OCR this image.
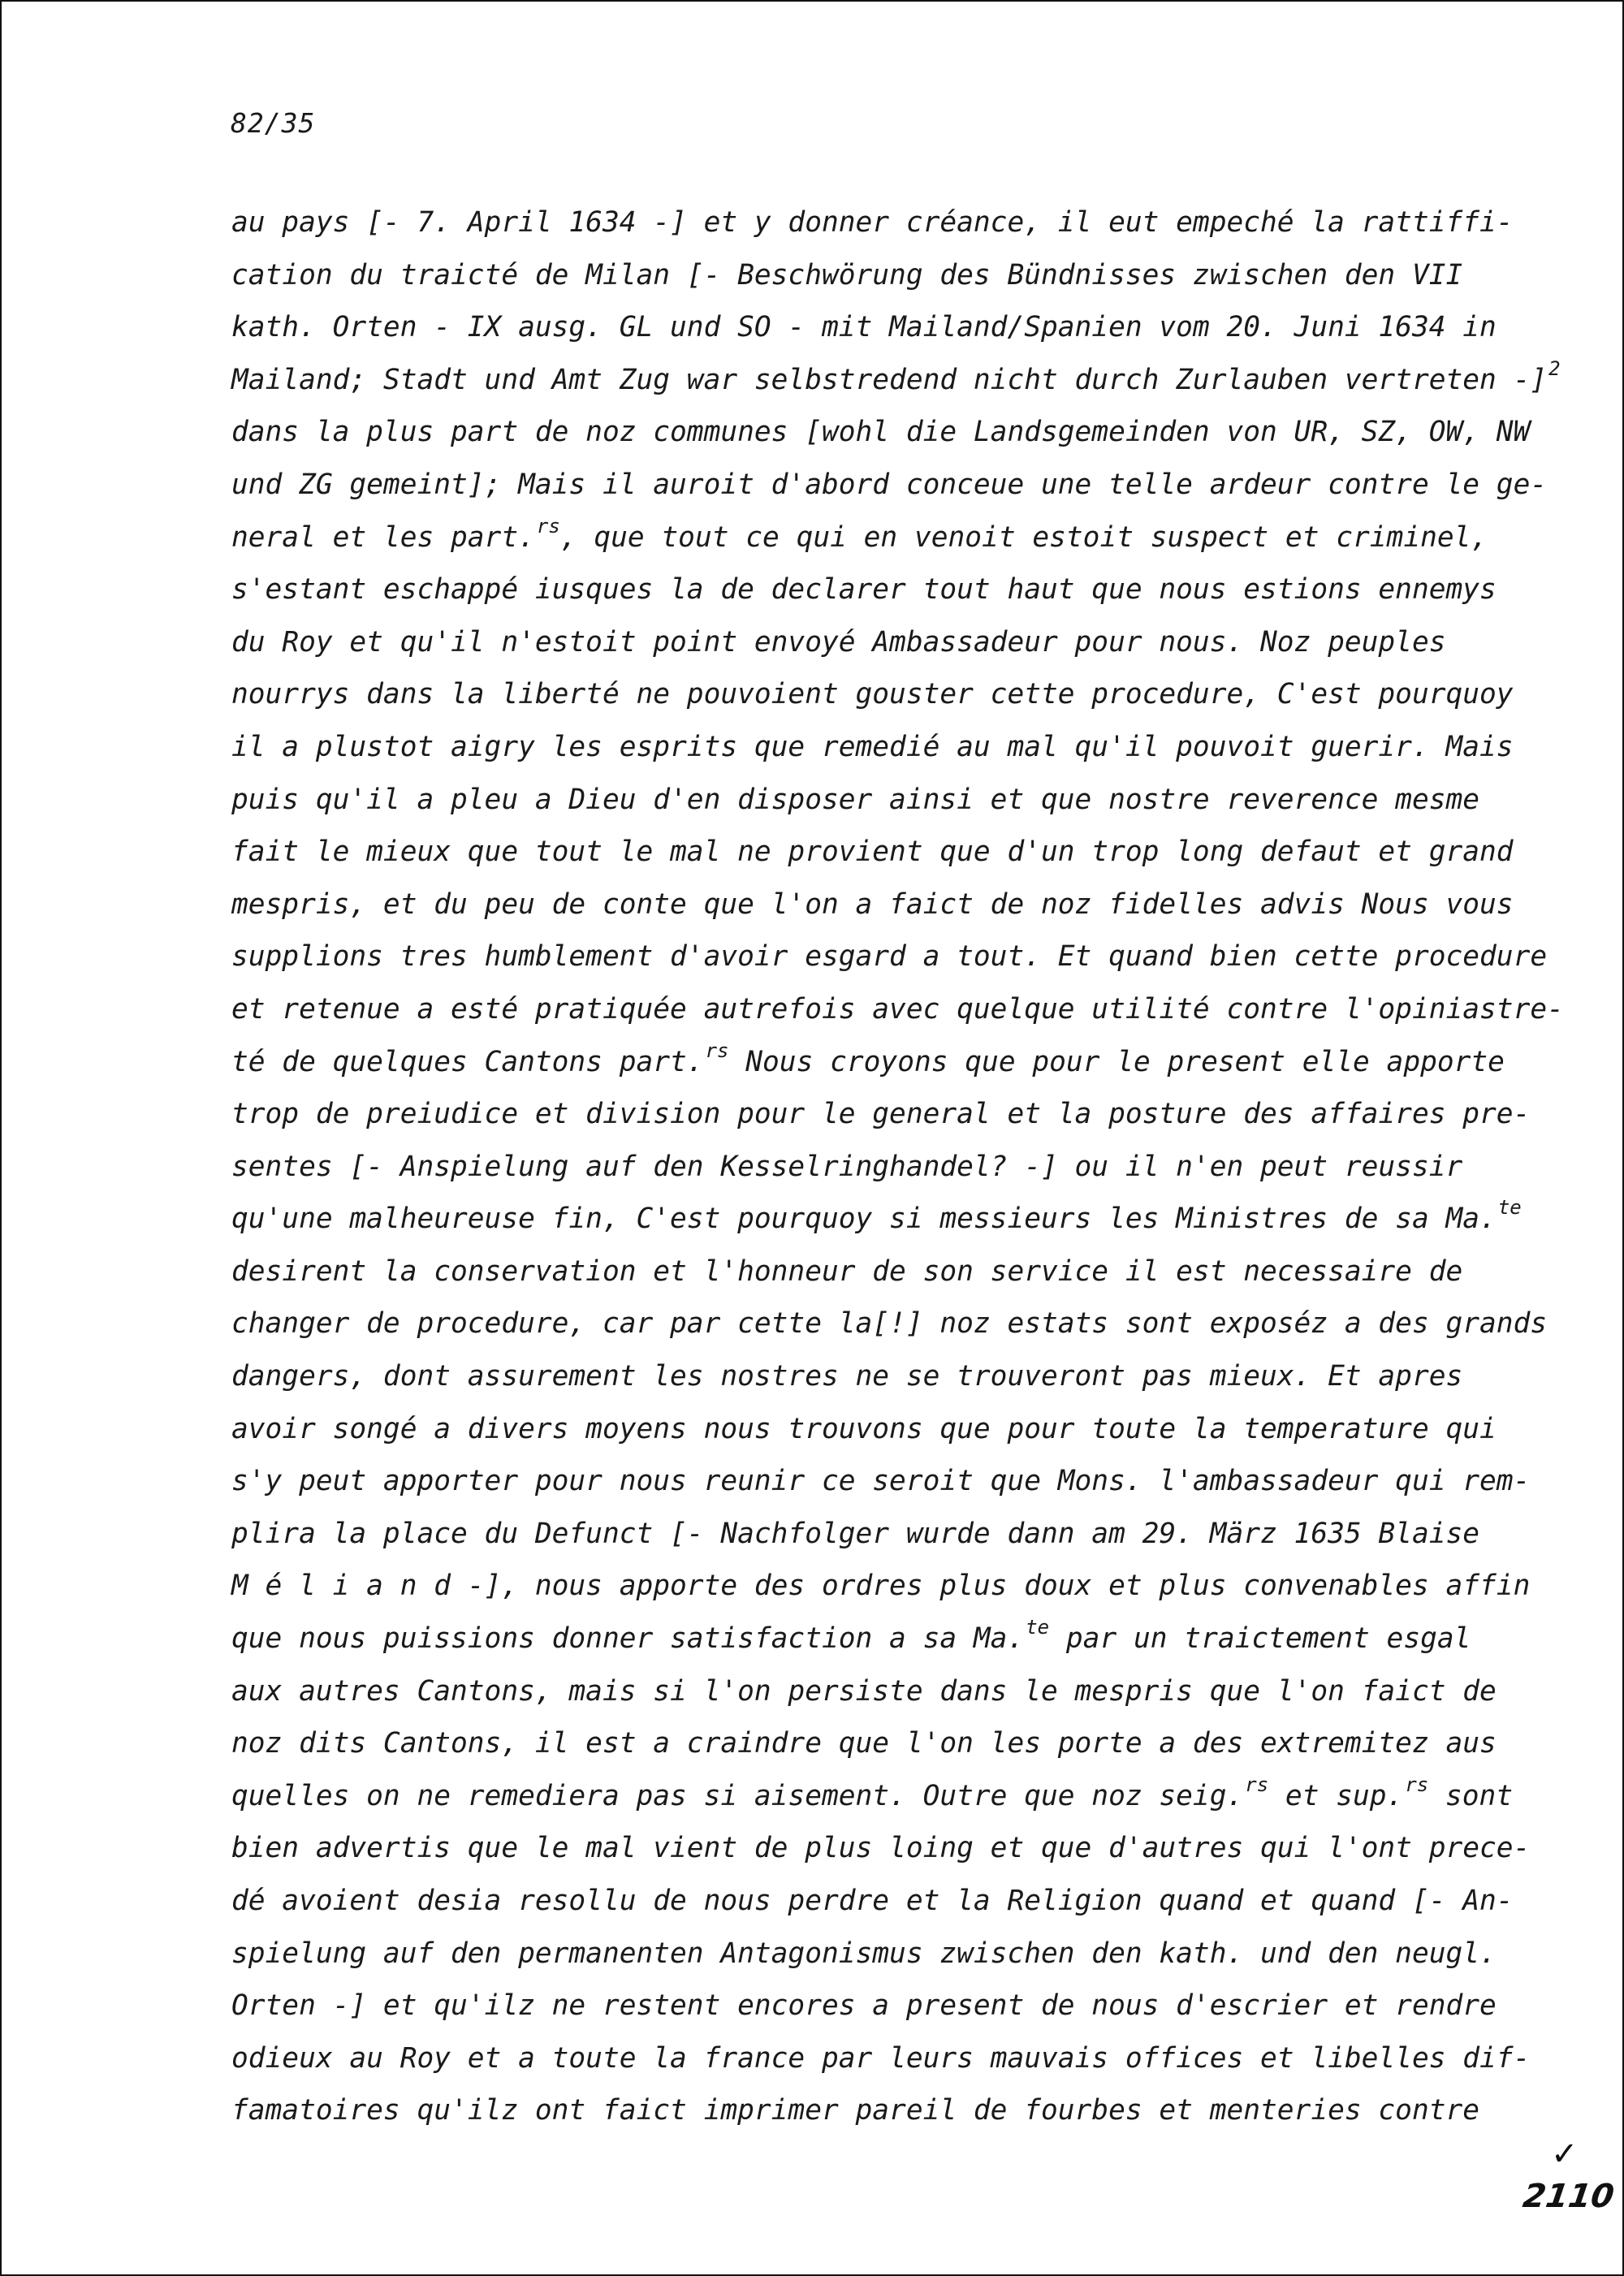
82/35
au pays [- 7. April 1634 -] et y donner créance, il eut empeché la rattiffi-
cation du traicté de Milan [- Beschwörung des Bündnisses zwischen den VII
kath. Orten - IX ausg. GL und SO - mit Mailand/Spanien vom 20. Juni 1634 in
Mailand; Stadt und Amt Zug war selbstredend nicht durch Zurlauben vertreten -]$^2$
dans la plus part de noz communes [wohl die Landsgemeinden von UR, SZ, OW, NW
und ZG gemeint]; Mais il auroit d'abord conceue une telle ardeur contre le ge-
neral et les part.$^{rs}$, que tout ce qui en venoit estoit suspect et criminel,
s'estant eschappé iusques la de declarer tout haut que nous estions ennemys
du Roy et qu'il n'estoit point envoyé Ambassadeur pour nous. Noz peuples
nourrys dans la liberté ne pouvoient gouster cette procedure, C'est pourquoy
il a plustot aigry les esprits que remedié au mal qu'il pouvoit guerir. Mais
puis qu'il a pleu a Dieu d'en disposer ainsi et que nostre reverence mesme
fait le mieux que tout le mal ne provient que d'un trop long defaut et grand
mespris, et du peu de conte que l'on a faict de noz fidelles advis Nous vous
supplions tres humblement d'avoir esgard a tout. Et quand bien cette procedure
et retenue a esté pratiquée autrefois avec quelque utilité contre l'opiniastre-
té de quelques Cantons part.$^{rs}$ Nous croyons que pour le present elle apporte
trop de preiudice et division pour le general et la posture des affaires pre-
sentes [- Anspielung auf den Kesselringhandel? -] ou il n'en peut reussir
qu'une malheureuse fin, C'est pourquoy si messieurs les Ministres de sa Ma.$^{te}$
desirent la conservation et l'honneur de son service il est necessaire de
changer de procedure, car par cette la[!] noz estats sont exposéz a des grands
dangers, dont assurement les nostres ne se trouveront pas mieux. Et apres
avoir songé a divers moyens nous trouvons que pour toute la temperature qui
s'y peut apporter pour nous reunir ce seroit que Mons. l'ambassadeur qui rem-
plira la place du Defunct [- Nachfolger wurde dann am 29. März 1635 Blaise
M é l i a n d -], nous apporte des ordres plus doux et plus convenables affin
que nous puissions donner satisfaction a sa Ma.$^{te}$ par un traictement esgal
aux autres Cantons, mais si l'on persiste dans le mespris que l'on faict de
noz dits Cantons, il est a craindre que l'on les porte a des extremitez aus
quelles on ne remediera pas si aisement. Outre que noz seig.$^{rs}$ et sup.$^{rs}$ sont
bien advertis que le mal vient de plus loing et que d'autres qui l'ont prece-
dé avoient desia resollu de nous perdre et la Religion quand et quand [- An-
spielung auf den permanenten Antagonismus zwischen den kath. und den neugl.
Orten -] et qu'ilz ne restent encores a present de nous d'escrier et rendre
odieux au Roy et a toute la france par leurs mauvais offices et libelles dif-
famatoires qu'ilz ont faict imprimer pareil de fourbes et menteries contre
✓
2110
